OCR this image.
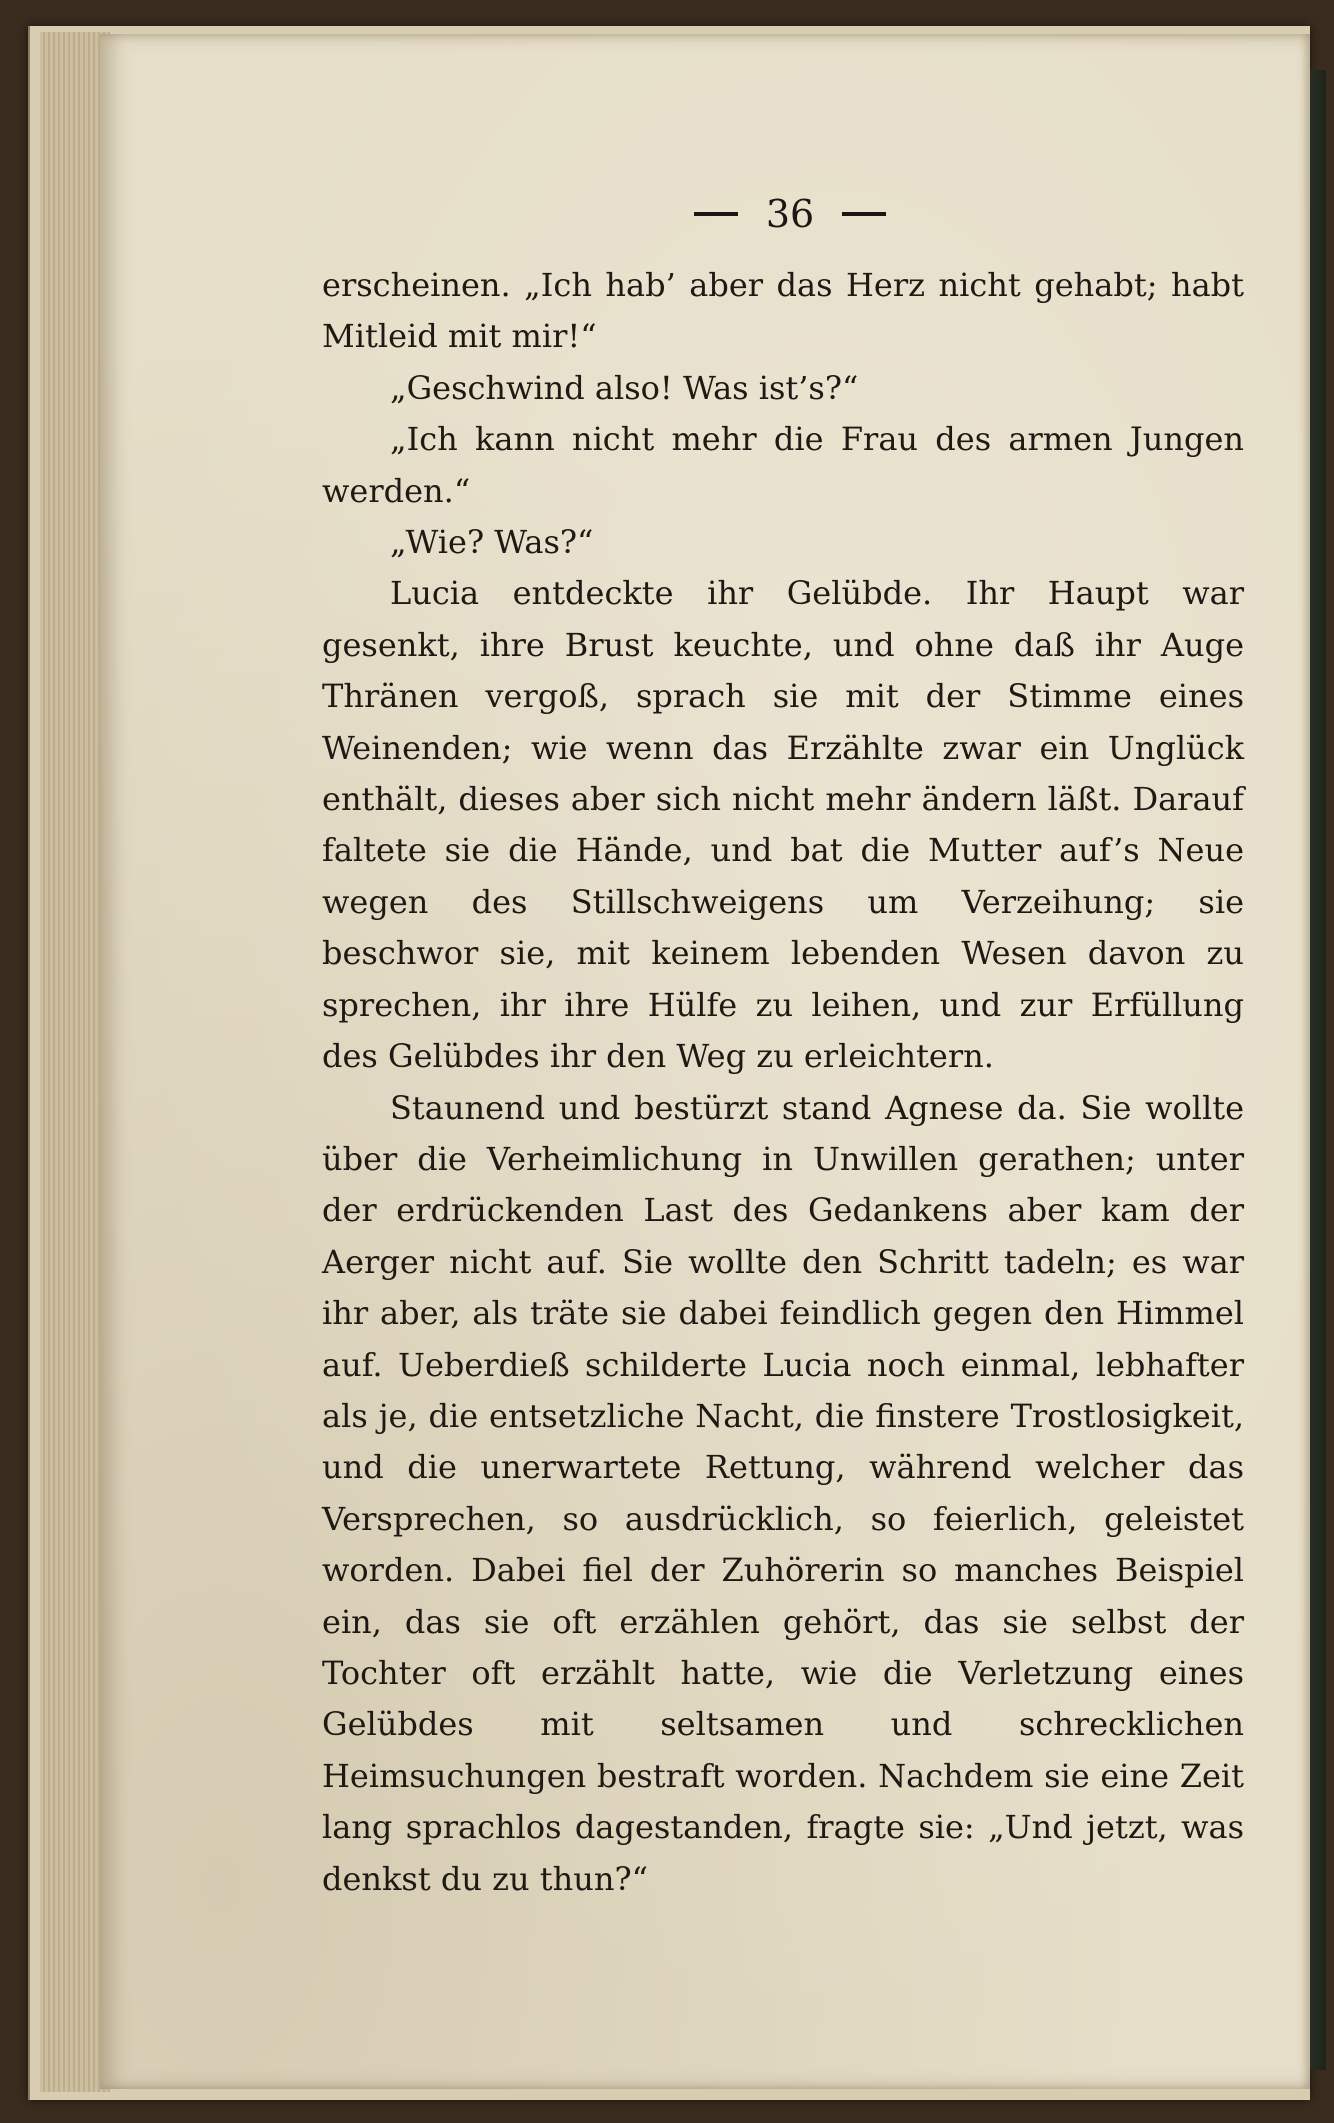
36

erscheinen. „Ich hab’ aber das Herz nicht gehabt; habt Mitleid mit mir!“

„Geschwind also! Was ist’s?“

„Ich kann nicht mehr die Frau des armen Jungen werden.“

„Wie? Was?“

Lucia entdeckte ihr Gelübde. Ihr Haupt war gesenkt, ihre Brust keuchte, und ohne daß ihr Auge Thränen vergoß, sprach sie mit der Stimme eines Weinenden; wie wenn das Erzählte zwar ein Unglück enthält, dieses aber sich nicht mehr ändern läßt. Darauf faltete sie die Hände, und bat die Mutter auf’s Neue wegen des Stillschweigens um Verzeihung; sie beschwor sie, mit keinem lebenden Wesen davon zu sprechen, ihr ihre Hülfe zu leihen, und zur Erfüllung des Gelübdes ihr den Weg zu erleichtern.

Staunend und bestürzt stand Agnese da. Sie wollte über die Verheimlichung in Unwillen gerathen; unter der erdrückenden Last des Gedankens aber kam der Aerger nicht auf. Sie wollte den Schritt tadeln; es war ihr aber, als träte sie dabei feindlich gegen den Himmel auf. Ueberdieß schilderte Lucia noch einmal, lebhafter als je, die entsetzliche Nacht, die finstere Trostlosigkeit, und die unerwartete Rettung, während welcher das Versprechen, so ausdrücklich, so feierlich, geleistet worden. Dabei fiel der Zuhörerin so manches Beispiel ein, das sie oft erzählen gehört, das sie selbst der Tochter oft erzählt hatte, wie die Verletzung eines Gelübdes mit seltsamen und schrecklichen Heimsuchungen bestraft worden. Nachdem sie eine Zeit lang sprachlos dagestanden, fragte sie: „Und jetzt, was denkst du zu thun?“
